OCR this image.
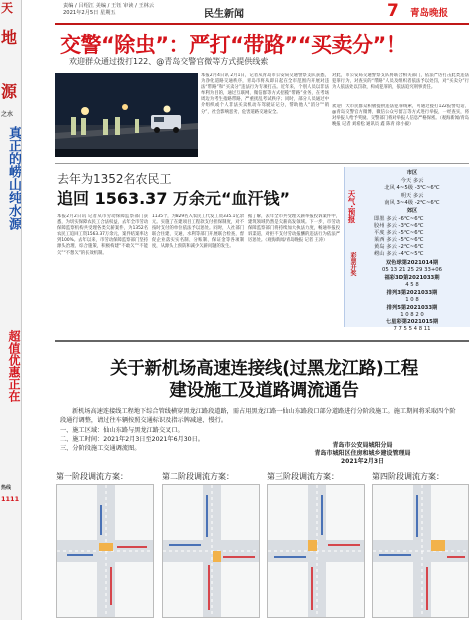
天
地
源
之水
真正的崂山纯水源
超值优惠正在
热线
1111
责编 / 吕绍江 美编 / 王钰 审读 / 王林云
2021年2月5日 星期五	民生新闻	7 青岛晚报
交警“除虫”：严打“带路”“买卖分”！
欢迎群众通过拨打122、@青岛交警官微等方式提供线索
本报2月4日讯 2月1日，记者从青岛市公安局交通警察支队获悉，为净化道路交通秩序，青岛市将从即日起在全市范围内开展对违法“带路”和“买卖分”违法行为专项打击。近年来，个别人员以非法牟利为目的，通过互联网、微信群等方式招揽“带路”业务，在考场周边为考生指路带路，严重扰乱考试秩序；同时，部分人员通过中介组织或个人非法买卖机动车驾驶证记分，帮助他人“消分”“销分”，社会影响恶劣，危害道路交通安全。
对此，市公安局交通警察支队将联合相关部门，依法严厉打击此类违法犯罪行为，对查实的“带路”人员及组织者依法予以处罚，对“买卖分”行为人依法处以罚款，构成犯罪的，依法追究刑事责任。
欢迎广大市民群众积极提供违法犯罪线索，可通过拨打122报警电话、@青岛交警官方微博、微信公众号留言等方式进行举报，一经查实，将对举报人给予奖励。交警部门将对举报人信息严格保密。（观海新闻/青岛晚报 记者 刘希松 通讯员 鑫 陈青 徐小毅）
去年为1352名农民工
追回 1563.37 万余元“血汗钱”
本报2月2日讯 记者从市劳动保障监察部门获悉，为切实保障农民工合法权益，去年全市劳动保障监察机构共受理各类欠薪案件，为1352名农民工追回工资1563.37万余元，案件结案率达到100%。去年以来，市劳动保障监察部门坚持源头治理、综合施策，积极构建“不敢欠”“不能欠”“不想欠”的长效机制。
1135个，为829名入农民工代发工资335.1亿余元。实施了在建项目工程款支付担保制度，对不按时支付的单位依法予以惩处。同时，人社部门联合住建、交通、水利等部门开展联合检查，督促企业落实实名制、分账制、保证金等各项制度，从源头上预防和减少欠薪问题的发生。
据了解，去年全市共受理欠薪举报投诉案件中，建筑领域仍然是欠薪高发领域。下一步，市劳动保障监察部门将持续加大执法力度，畅通举报投诉渠道，对拒不支付劳动报酬的违法行为依法严厉惩处。（观海新闻/青岛晚报 记者 王涛）
天气·预报
市区
今天 多云
北风 4~5级 -3℃~6℃
明天 多云
南风 3~4级 -2℃~6℃
郊区
即墨 多云 -6℃~6℃
胶州 多云 -3℃~6℃
平度 多云 -5℃~6℃
莱西 多云 -5℃~6℃
黄岛 多云 -2℃~6℃
崂山 多云 -4℃~5℃
彩票开奖	双色球第2021014期
05 13 21 25 29 33+06
福彩3D第2021033期
4 5 8
排列3第2021033期
1 0 8
排列5第2021033期
1 0 8 2 0
七星彩第2021015期
7 7 5 5 4 8 11
关于新机场高速连接线(过黑龙江路)工程
建设施工及道路调流通告
新机场高速连接线工程地下综合管线横穿黑龙江路段道路，需占用黑龙江路一仙山东路段口部分道路进行分阶段施工。施工期间将采取四个阶段通行调整，请过往车辆按照交通标识及指示牌减速、慢行。
一、施工区域：仙山东路与黑龙江路交叉口。
二、施工时间：2021年2月3日至2021年6月30日。
三、分阶段施工交通调流图。	青岛市公安局城阳分局
青岛市城阳区住房和城乡建设管理局
2021年2月3日
第一阶段调流方案：	第二阶段调流方案：	第三阶段调流方案：	第四阶段调流方案：
